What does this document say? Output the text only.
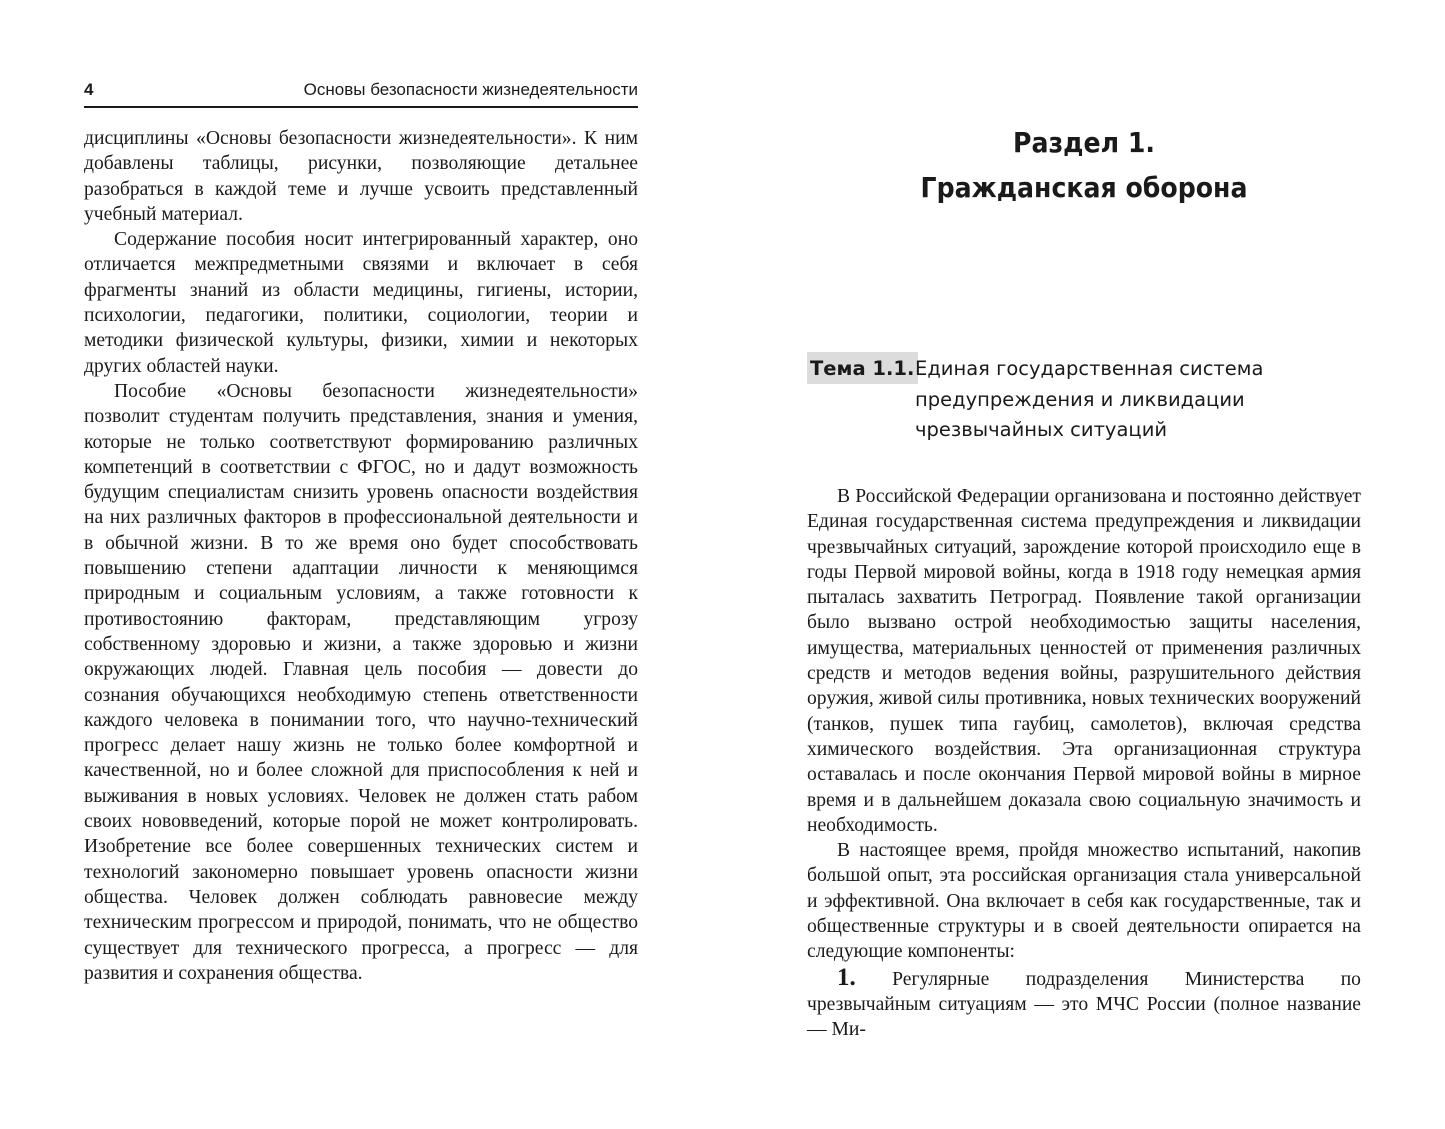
4	Основы безопасности жизнедеятельности

дисциплины «Основы безопасности жизнедеятельности». К ним добавлены таблицы, рисунки, позволяющие детальнее разобраться в каждой теме и лучше усвоить представленный учебный материал.

Содержание пособия носит интегрированный характер, оно отличается межпредметными связями и включает в себя фрагменты знаний из области медицины, гигиены, истории, психологии, педагогики, политики, социологии, теории и методики физической культуры, физики, химии и некоторых других областей науки.

Пособие «Основы безопасности жизнедеятельности» позволит студентам получить представления, знания и умения, которые не только соответствуют формированию различных компетенций в соответствии с ФГОС, но и дадут возможность будущим специалистам снизить уровень опасности воздействия на них различных факторов в профессиональной деятельности и в обычной жизни. В то же время оно будет способствовать повышению степени адаптации личности к меняющимся природным и социальным условиям, а также готовности к противостоянию факторам, представляющим угрозу собственному здоровью и жизни, а также здоровью и жизни окружающих людей. Главная цель пособия — довести до сознания обучающихся необходимую степень ответственности каждого человека в понимании того, что научно-технический прогресс делает нашу жизнь не только более комфортной и качественной, но и более сложной для приспособления к ней и выживания в новых условиях. Человек не должен стать рабом своих нововведений, которые порой не может контролировать. Изобретение все более совершенных технических систем и технологий закономерно повышает уровень опасности жизни общества. Человек должен соблюдать равновесие между техническим прогрессом и природой, понимать, что не общество существует для технического прогресса, а прогресс — для развития и сохранения общества.

Раздел 1.
Гражданская оборона
Тема 1.1. Единая государственная система предупреждения и ликвидации чрезвычайных ситуаций

В Российской Федерации организована и постоянно действует Единая государственная система предупреждения и ликвидации чрезвычайных ситуаций, зарождение которой происходило еще в годы Первой мировой войны, когда в 1918 году немецкая армия пыталась захватить Петроград. Появление такой организации было вызвано острой необходимостью защиты населения, имущества, материальных ценностей от применения различных средств и методов ведения войны, разрушительного действия оружия, живой силы противника, новых технических вооружений (танков, пушек типа гаубиц, самолетов), включая средства химического воздействия. Эта организационная структура оставалась и после окончания Первой мировой войны в мирное время и в дальнейшем доказала свою социальную значимость и необходимость.

В настоящее время, пройдя множество испытаний, накопив большой опыт, эта российская организация стала универсальной и эффективной. Она включает в себя как государственные, так и общественные структуры и в своей деятельности опирается на следующие компоненты:

1. Регулярные подразделения Министерства по чрезвычайным ситуациям — это МЧС России (полное название — Ми-
